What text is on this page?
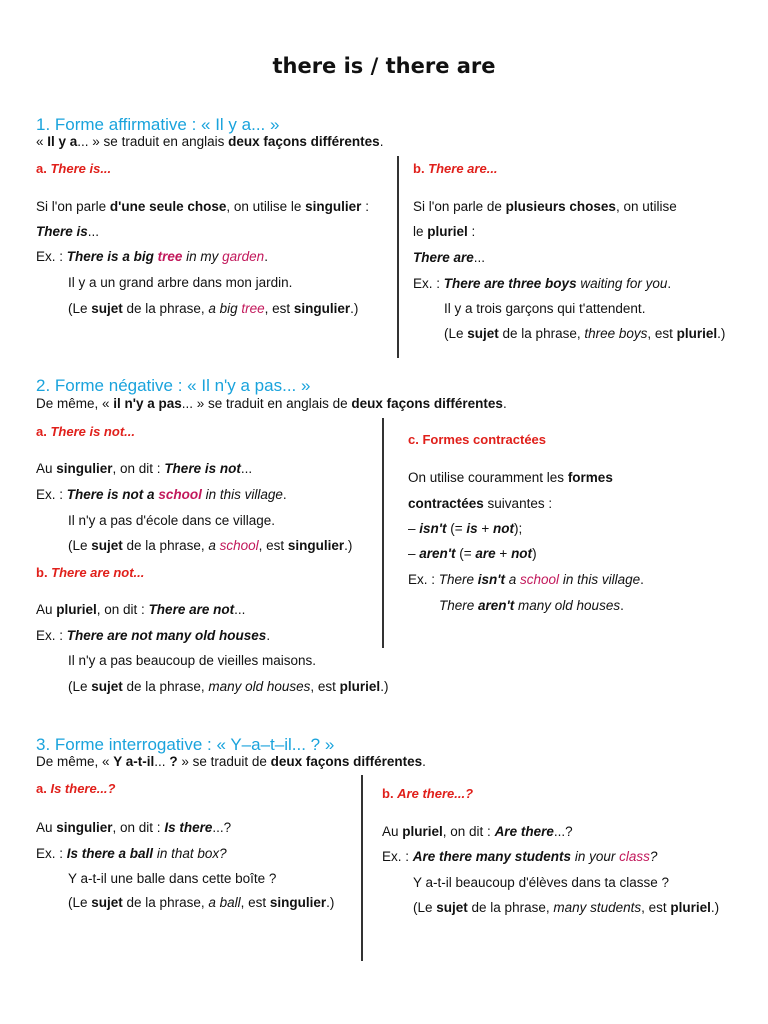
there is / there are
1. Forme affirmative : « Il y a... »
« Il y a... » se traduit en anglais deux façons différentes.
a. There is...
Si l'on parle d'une seule chose, on utilise le singulier :
There is...
Ex. : There is a big tree in my garden.
Il y a un grand arbre dans mon jardin.
(Le sujet de la phrase, a big tree, est singulier.)
b. There are...
Si l'on parle de plusieurs choses, on utilise
le pluriel :
There are...
Ex. : There are three boys waiting for you.
Il y a trois garçons qui t'attendent.
(Le sujet de la phrase, three boys, est pluriel.)
2. Forme négative : « Il n'y a pas... »
De même, « il n'y a pas... » se traduit en anglais de deux façons différentes.
a. There is not...
Au singulier, on dit : There is not...
Ex. : There is not a school in this village.
Il n'y a pas d'école dans ce village.
(Le sujet de la phrase, a school, est singulier.)
b. There are not...
Au pluriel, on dit : There are not...
Ex. : There are not many old houses.
Il n'y a pas beaucoup de vieilles maisons.
(Le sujet de la phrase, many old houses, est pluriel.)
c. Formes contractées
On utilise couramment les formes
contractées suivantes :
– isn't (= is + not);
– aren't (= are + not)
Ex. : There isn't a school in this village.
There aren't many old houses.
3. Forme interrogative : « Y–a–t–il... ? »
De même, « Y a-t-il... ? » se traduit de deux façons différentes.
a. Is there...?
Au singulier, on dit : Is there...?
Ex. : Is there a ball in that box?
Y a-t-il une balle dans cette boîte ?
(Le sujet de la phrase, a ball, est singulier.)
b. Are there...?
Au pluriel, on dit : Are there...?
Ex. : Are there many students in your class?
Y a-t-il beaucoup d'élèves dans ta classe ?
(Le sujet de la phrase, many students, est pluriel.)
